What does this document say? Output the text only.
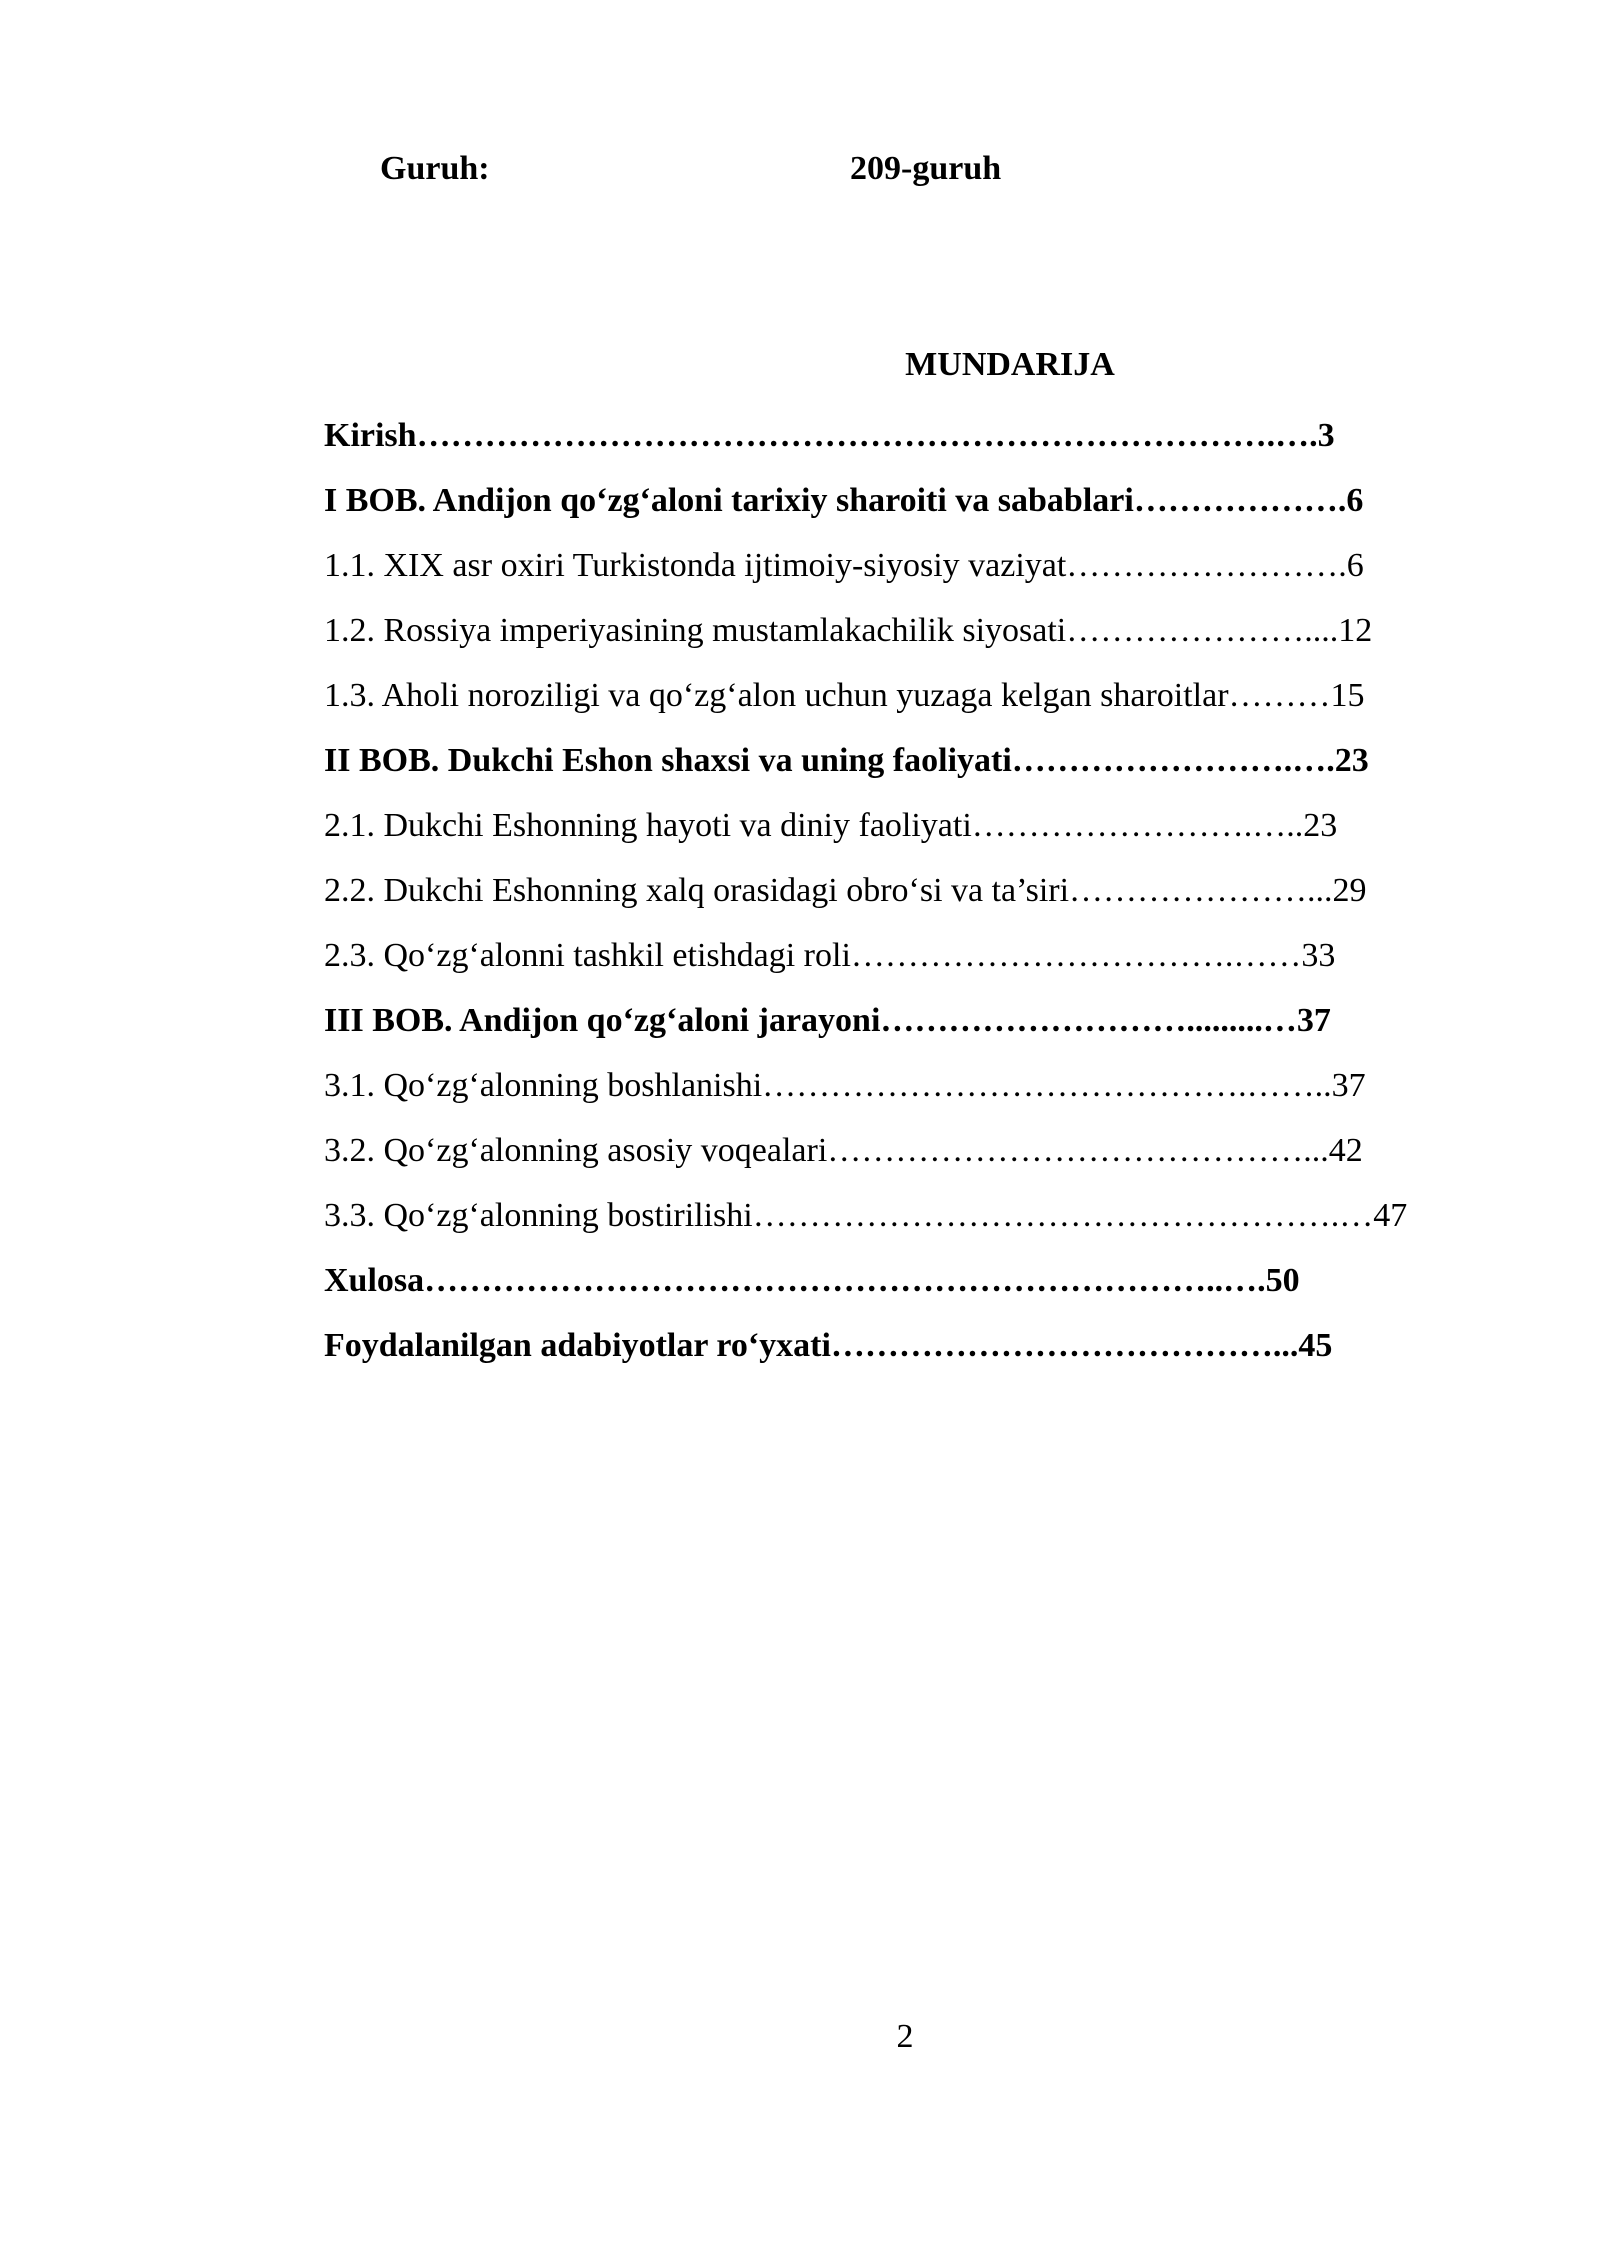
Guruh:	209-guruh
MUNDARIJA
Kirish………………………………………………………………….….3
I BOB. Andijon qo‘zg‘aloni tarixiy sharoiti va sabablari……………….6
1.1. XIX asr oxiri Turkistonda ijtimoiy-siyosiy vaziyat…………………….6
1.2. Rossiya imperiyasining mustamlakachilik siyosati…………………....12
1.3. Aholi noroziligi va qo‘zg‘alon uchun yuzaga kelgan sharoitlar………15
II BOB. Dukchi Eshon shaxsi va uning faoliyati…………………….….23
2.1. Dukchi Eshonning hayoti va diniy faoliyati…………………….…..23
2.2. Dukchi Eshonning xalq orasidagi obro‘si va ta’siri…………………...29
2.3. Qo‘zg‘alonni tashkil etishdagi roli…………………………….……33
III BOB. Andijon qo‘zg‘aloni jarayoni……………………….........…37
3.1. Qo‘zg‘alonning boshlanishi…………………………………….……..37
3.2. Qo‘zg‘alonning asosiy voqealari……………………………………...42
3.3. Qo‘zg‘alonning bostirilishi…………………………………………….…47
Xulosa……………………………………………………………..….50
Foydalanilgan adabiyotlar ro‘yxati…………………………………...45
2
